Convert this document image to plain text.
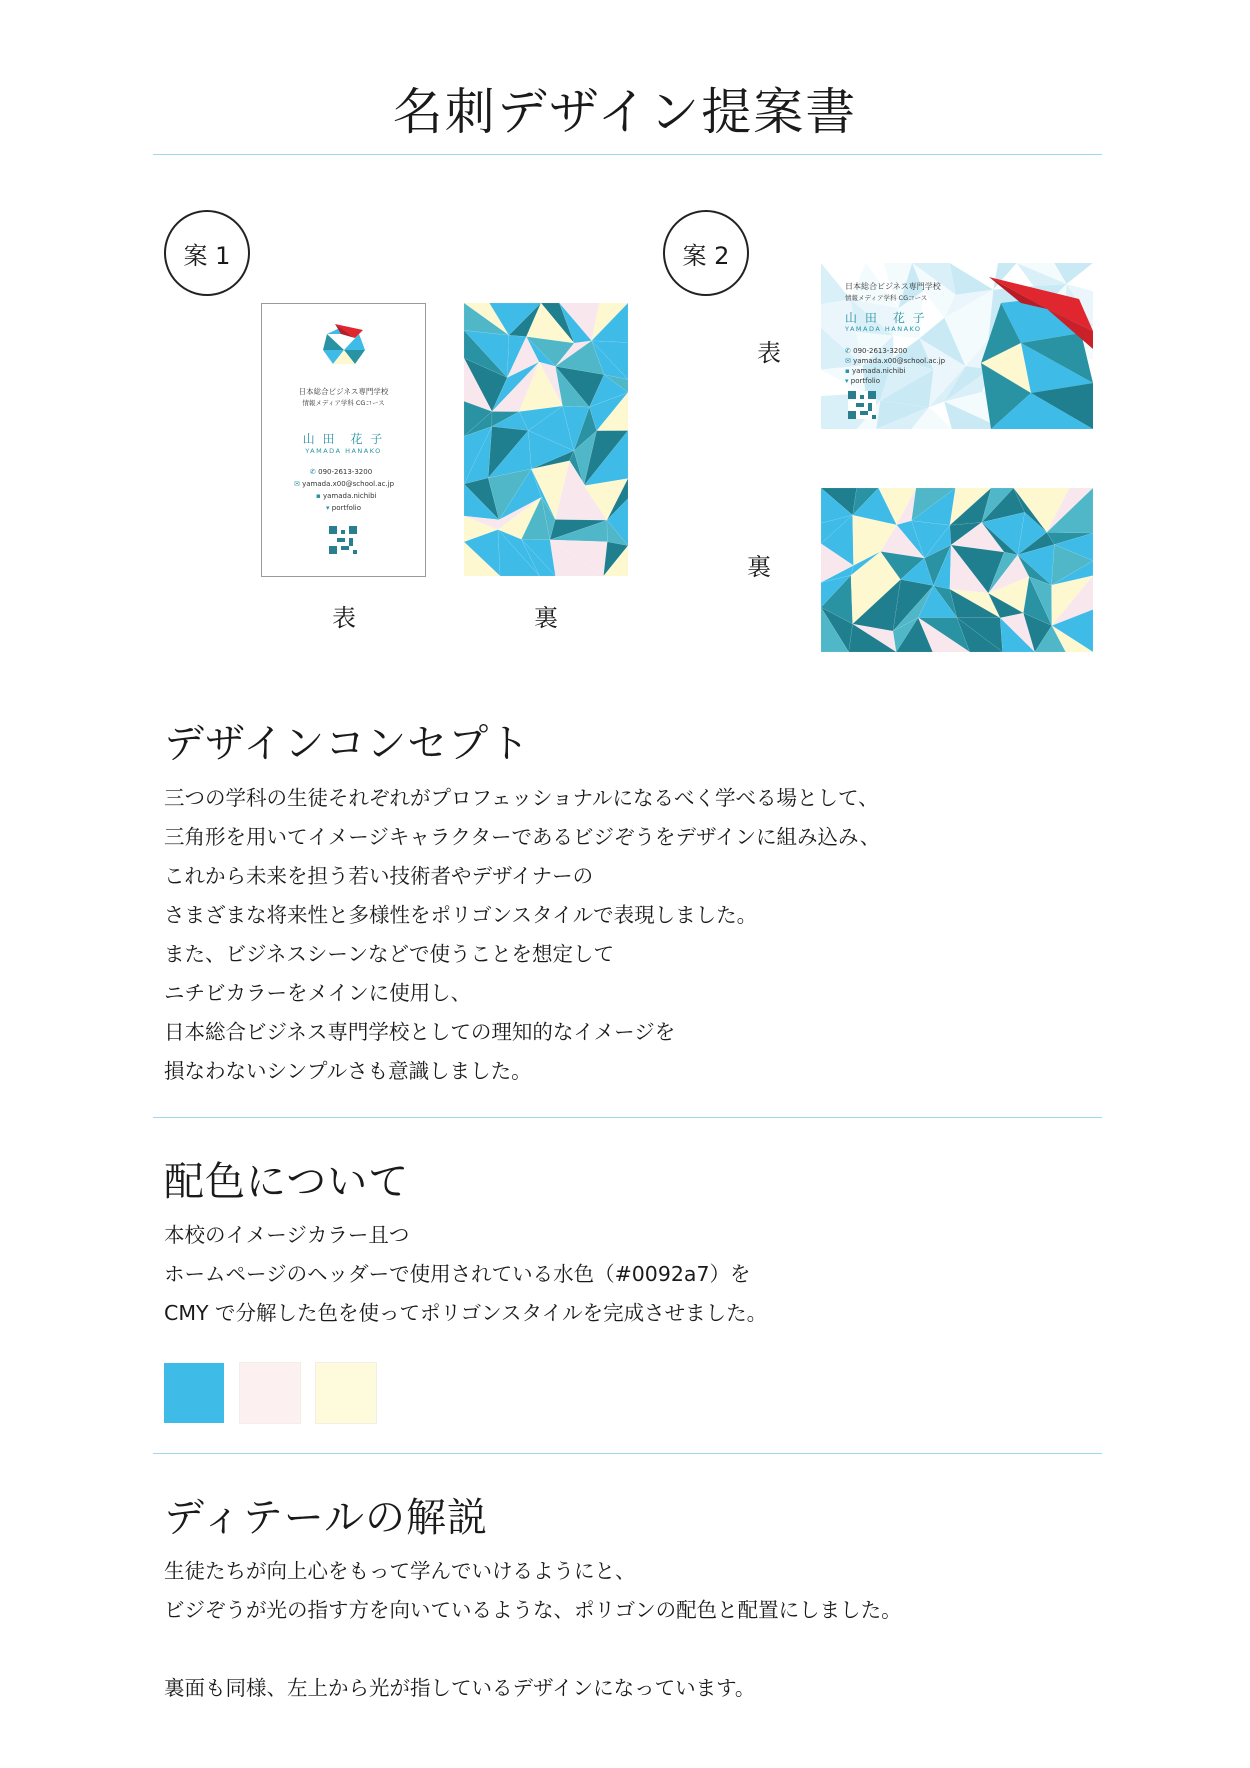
名刺デザイン提案書
案 1
日本総合ビジネス専門学校
情報メディア学科 CGコース
山 田　花 子
YAMADA HANAKO
✆ 090-2613-3200
✉ yamada.x00@school.ac.jp
▪ yamada.nichibi
▾ portfolio
表	裏
案 2
表
裏
日本総合ビジネス専門学校
情報メディア学科 CGコース
山 田　花 子
YAMADA HANAKO
✆ 090-2613-3200
✉ yamada.x00@school.ac.jp
▪ yamada.nichibi
▾ portfolio
デザインコンセプト
三つの学科の生徒それぞれがプロフェッショナルになるべく学べる場として、
三角形を用いてイメージキャラクターであるビジぞうをデザインに組み込み、
これから未来を担う若い技術者やデザイナーの
さまざまな将来性と多様性をポリゴンスタイルで表現しました。
また、ビジネスシーンなどで使うことを想定して
ニチビカラーをメインに使用し、
日本総合ビジネス専門学校としての理知的なイメージを
損なわないシンプルさも意識しました。
配色について
本校のイメージカラー且つ
ホームページのヘッダーで使用されている水色（#0092a7）を
CMY で分解した色を使ってポリゴンスタイルを完成させました。
ディテールの解説
生徒たちが向上心をもって学んでいけるようにと、
ビジぞうが光の指す方を向いているような、ポリゴンの配色と配置にしました。
裏面も同様、左上から光が指しているデザインになっています。
